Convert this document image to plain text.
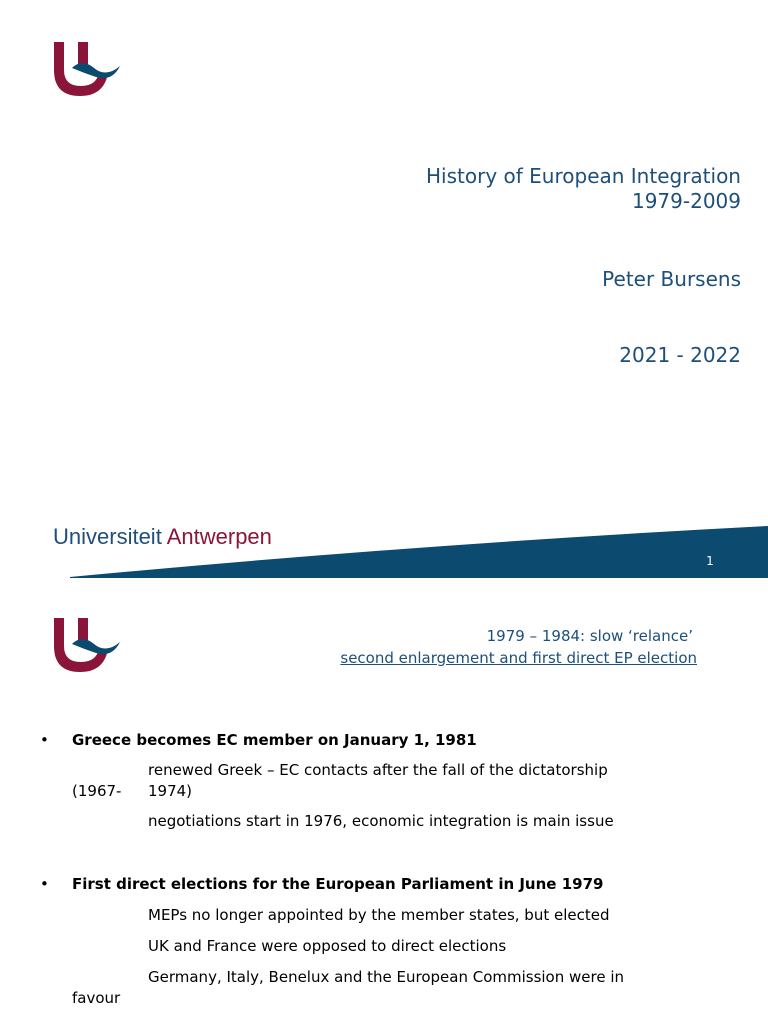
History of European Integration
1979-2009
Peter Bursens
2021 - 2022
Universiteit Antwerpen
1
1979 – 1984: slow ‘relance’
second enlargement and first direct EP election
• Greece becomes EC member on January 1, 1981
renewed Greek – EC contacts after the fall of the dictatorship
(1967- 1974)
negotiations start in 1976, economic integration is main issue
• First direct elections for the European Parliament in June 1979
MEPs no longer appointed by the member states, but elected
UK and France were opposed to direct elections
Germany, Italy, Benelux and the European Commission were in
favour
